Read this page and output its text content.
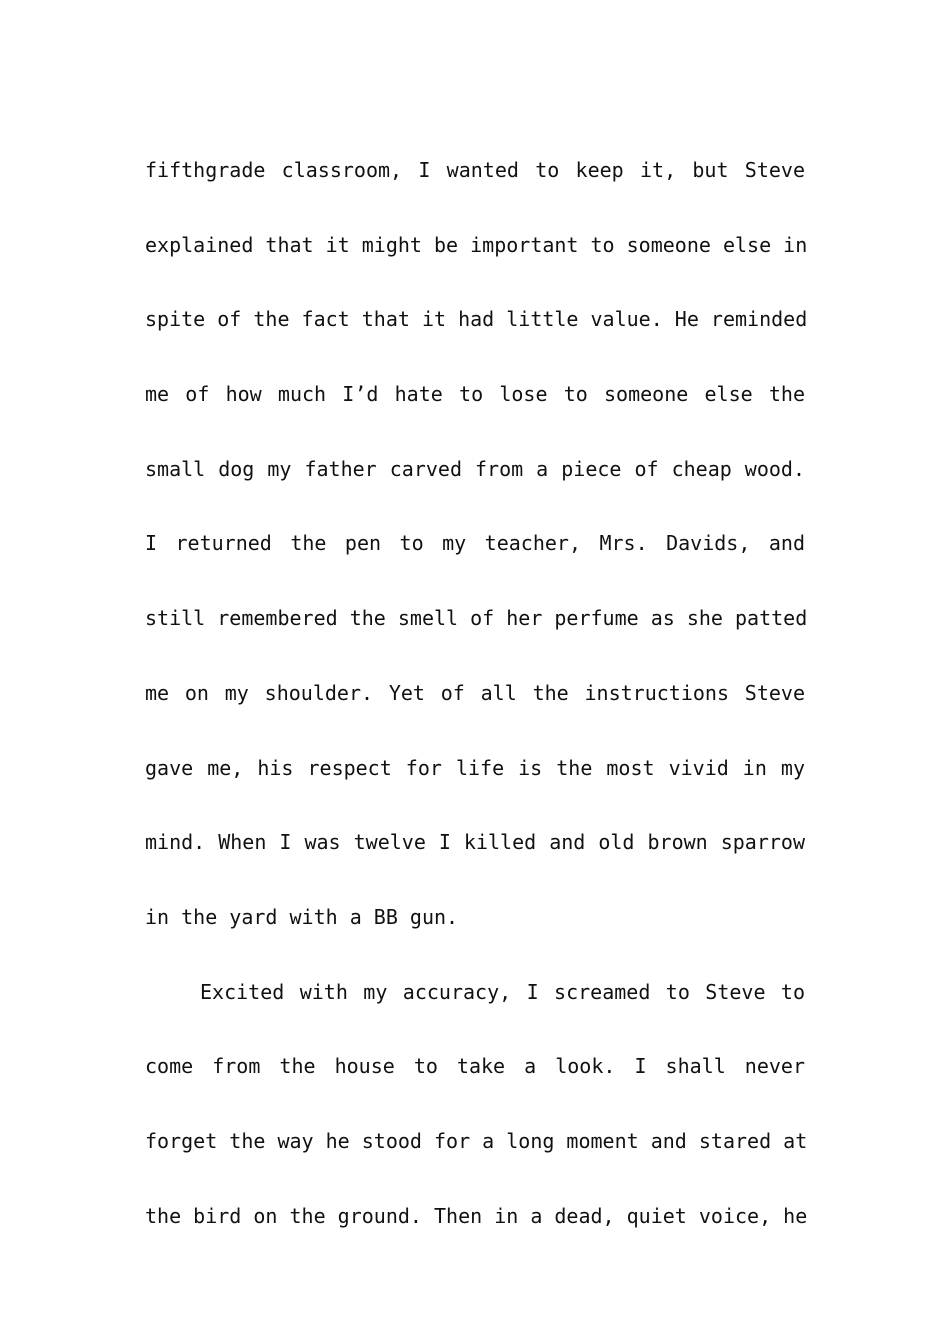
fifthgrade classroom, I wanted to keep it, but Steve
explained that it might be important to someone else in
spite of the fact that it had little value. He reminded
me of how much I’d hate to lose to someone else the
small dog my father carved from a piece of cheap wood.
I returned the pen to my teacher, Mrs. Davids, and
still remembered the smell of her perfume as she patted
me on my shoulder. Yet of all the instructions Steve
gave me, his respect for life is the most vivid in my
mind. When I was twelve I killed and old brown sparrow
in the yard with a BB gun.
Excited with my accuracy, I screamed to Steve to
come from the house to take a look. I shall never
forget the way he stood for a long moment and stared at
the bird on the ground. Then in a dead, quiet voice, he
